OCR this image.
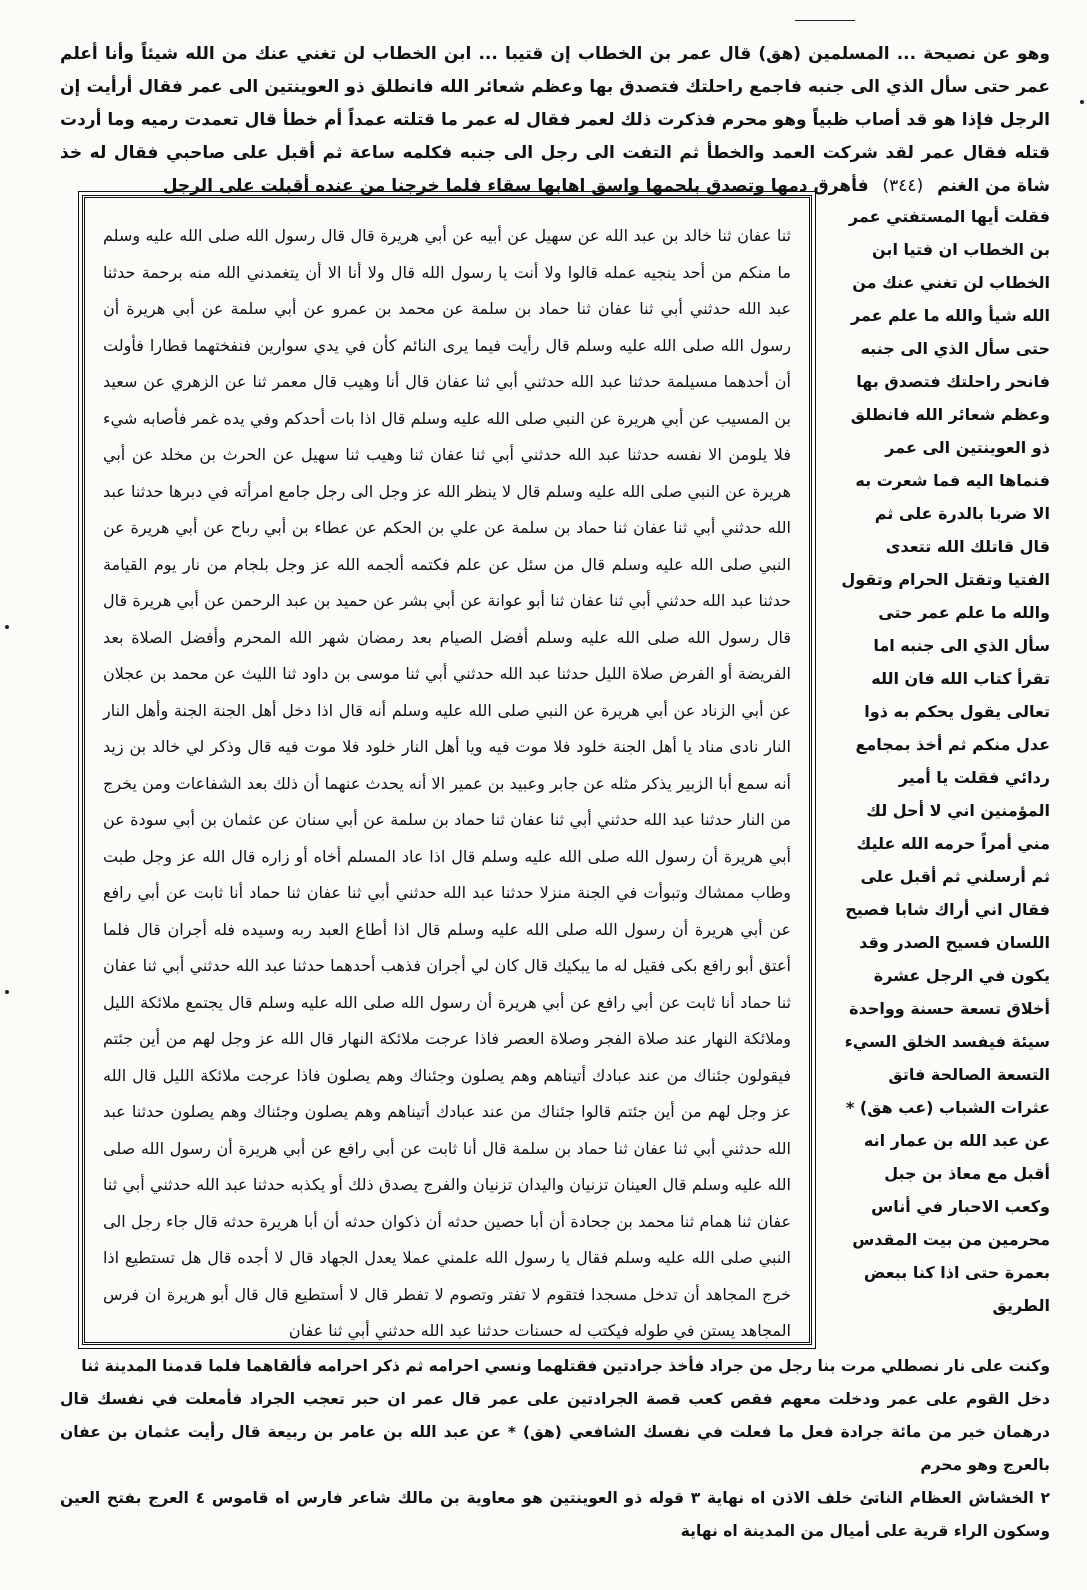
وهو عن نصيحة ... المسلمين (هق) قال عمر بن الخطاب إن قتيبا ... ابن الخطاب لن تغني عنك من الله شيئاً وأنا أعلم عمر حتى سأل الذي الى جنبه فاجمع راحلتك فتصدق بها وعظم شعائر الله فانطلق ذو العوينتين الى عمر فقال أرأيت إن الرجل فإذا هو قد أصاب ظبياً وهو محرم فذكرت ذلك لعمر فقال له عمر ما قتلته عمداً أم خطأ قال تعمدت رميه وما أردت قتله فقال عمر لقد شركت العمد والخطأ ثم التفت الى رجل الى جنبه فكلمه ساعة ثم أقبل على صاحبي فقال له خذ شاة من الغنم (٣٤٤) فأهرق دمها وتصدق بلحمها واسق اهابها سقاء فلما خرجنا من عنده أقبلت على الرجل

فقلت أيها المستفتي عمر بن الخطاب ان فتيا ابن الخطاب لن تغني عنك من الله شيأ والله ما علم عمر حتى سأل الذي الى جنبه فانحر راحلتك فتصدق بها وعظم شعائر الله فانطلق ذو العوينتين الى عمر فنماها اليه فما شعرت به الا ضربا بالدرة على ثم قال قاتلك الله تتعدى الفتيا وتقتل الحرام وتقول والله ما علم عمر حتى سأل الذي الى جنبه اما تقرأ كتاب الله فان الله تعالى يقول يحكم به ذوا عدل منكم ثم أخذ بمجامع ردائي فقلت يا أمير المؤمنين اني لا أحل لك مني أمراً حرمه الله عليك ثم أرسلني ثم أقبل على فقال اني أراك شابا فصيح اللسان فسيح الصدر وقد يكون في الرجل عشرة أخلاق تسعة حسنة وواحدة سيئة فيفسد الخلق السيء التسعة الصالحة فاتق عثرات الشباب (عب هق) * عن عبد الله بن عمار انه أقبل مع معاذ بن جبل وكعب الاحبار في أناس محرمين من بيت المقدس بعمرة حتى اذا كنا ببعض الطريق

ثنا عفان ثنا خالد بن عبد الله عن سهيل عن أبيه عن أبي هريرة قال قال رسول الله صلى الله عليه وسلم ما منكم من أحد ينجيه عمله قالوا ولا أنت يا رسول الله قال ولا أنا الا أن يتغمدني الله منه برحمة حدثنا عبد الله حدثني أبي ثنا عفان ثنا حماد بن سلمة عن محمد بن عمرو عن أبي سلمة عن أبي هريرة أن رسول الله صلى الله عليه وسلم قال رأيت فيما يرى النائم كأن في يدي سوارين فنفختهما فطارا فأولت أن أحدهما مسيلمة حدثنا عبد الله حدثني أبي ثنا عفان قال أنا وهيب قال معمر ثنا عن الزهري عن سعيد بن المسيب عن أبي هريرة عن النبي صلى الله عليه وسلم قال اذا بات أحدكم وفي يده غمر فأصابه شيء فلا يلومن الا نفسه حدثنا عبد الله حدثني أبي ثنا عفان ثنا وهيب ثنا سهيل عن الحرث بن مخلد عن أبي هريرة عن النبي صلى الله عليه وسلم قال لا ينظر الله عز وجل الى رجل جامع امرأته في دبرها حدثنا عبد الله حدثني أبي ثنا عفان ثنا حماد بن سلمة عن علي بن الحكم عن عطاء بن أبي رباح عن أبي هريرة عن النبي صلى الله عليه وسلم قال من سئل عن علم فكتمه ألجمه الله عز وجل بلجام من نار يوم القيامة حدثنا عبد الله حدثني أبي ثنا عفان ثنا أبو عوانة عن أبي بشر عن حميد بن عبد الرحمن عن أبي هريرة قال قال رسول الله صلى الله عليه وسلم أفضل الصيام بعد رمضان شهر الله المحرم وأفضل الصلاة بعد الفريضة أو الفرض صلاة الليل حدثنا عبد الله حدثني أبي ثنا موسى بن داود ثنا الليث عن محمد بن عجلان عن أبي الزناد عن أبي هريرة عن النبي صلى الله عليه وسلم أنه قال اذا دخل أهل الجنة الجنة وأهل النار النار نادى مناد يا أهل الجنة خلود فلا موت فيه ويا أهل النار خلود فلا موت فيه قال وذكر لي خالد بن زيد أنه سمع أبا الزبير يذكر مثله عن جابر وعبيد بن عمير الا أنه يحدث عنهما أن ذلك بعد الشفاعات ومن يخرج من النار حدثنا عبد الله حدثني أبي ثنا عفان ثنا حماد بن سلمة عن أبي سنان عن عثمان بن أبي سودة عن أبي هريرة أن رسول الله صلى الله عليه وسلم قال اذا عاد المسلم أخاه أو زاره قال الله عز وجل طبت وطاب ممشاك وتبوأت في الجنة منزلا حدثنا عبد الله حدثني أبي ثنا عفان ثنا حماد أنا ثابت عن أبي رافع عن أبي هريرة أن رسول الله صلى الله عليه وسلم قال اذا أطاع العبد ربه وسيده فله أجران قال فلما أعتق أبو رافع بكى فقيل له ما يبكيك قال كان لي أجران فذهب أحدهما حدثنا عبد الله حدثني أبي ثنا عفان ثنا حماد أنا ثابت عن أبي رافع عن أبي هريرة أن رسول الله صلى الله عليه وسلم قال يجتمع ملائكة الليل وملائكة النهار عند صلاة الفجر وصلاة العصر فاذا عرجت ملائكة النهار قال الله عز وجل لهم من أين جئتم فيقولون جئناك من عند عبادك أتيناهم وهم يصلون وجئناك وهم يصلون فاذا عرجت ملائكة الليل قال الله عز وجل لهم من أين جئتم قالوا جئناك من عند عبادك أتيناهم وهم يصلون وجئناك وهم يصلون حدثنا عبد الله حدثني أبي ثنا عفان ثنا حماد بن سلمة قال أنا ثابت عن أبي رافع عن أبي هريرة أن رسول الله صلى الله عليه وسلم قال العينان تزنيان واليدان تزنيان والفرج يصدق ذلك أو يكذبه حدثنا عبد الله حدثني أبي ثنا عفان ثنا همام ثنا محمد بن جحادة أن أبا حصين حدثه أن ذكوان حدثه أن أبا هريرة حدثه قال جاء رجل الى النبي صلى الله عليه وسلم فقال يا رسول الله علمني عملا يعدل الجهاد قال لا أجده قال هل تستطيع اذا خرج المجاهد أن تدخل مسجدا فتقوم لا تفتر وتصوم لا تفطر قال لا أستطيع قال قال أبو هريرة ان فرس المجاهد يستن في طوله فيكتب له حسنات حدثنا عبد الله حدثني أبي ثنا عفان

وكنت على نار نصطلي مرت بنا رجل من جراد فأخذ جرادتين فقتلهما ونسي احرامه ثم ذكر احرامه فألقاهما فلما قدمنا المدينة ثنا

دخل القوم على عمر ودخلت معهم فقص كعب قصة الجرادتين على عمر قال عمر ان حبر تعجب الجراد فأمعلت في نفسك قال درهمان خير من مائة جرادة فعل ما فعلت في نفسك الشافعي (هق) * عن عبد الله بن عامر بن ربيعة قال رأيت عثمان بن عفان بالعرج وهو محرم

٢ الخشاش العظام الناتئ خلف الاذن اه نهاية ٣ قوله ذو العوينتين هو معاوية بن مالك شاعر فارس اه قاموس ٤ العرج بفتح العين وسكون الراء قرية على أميال من المدينة اه نهاية
